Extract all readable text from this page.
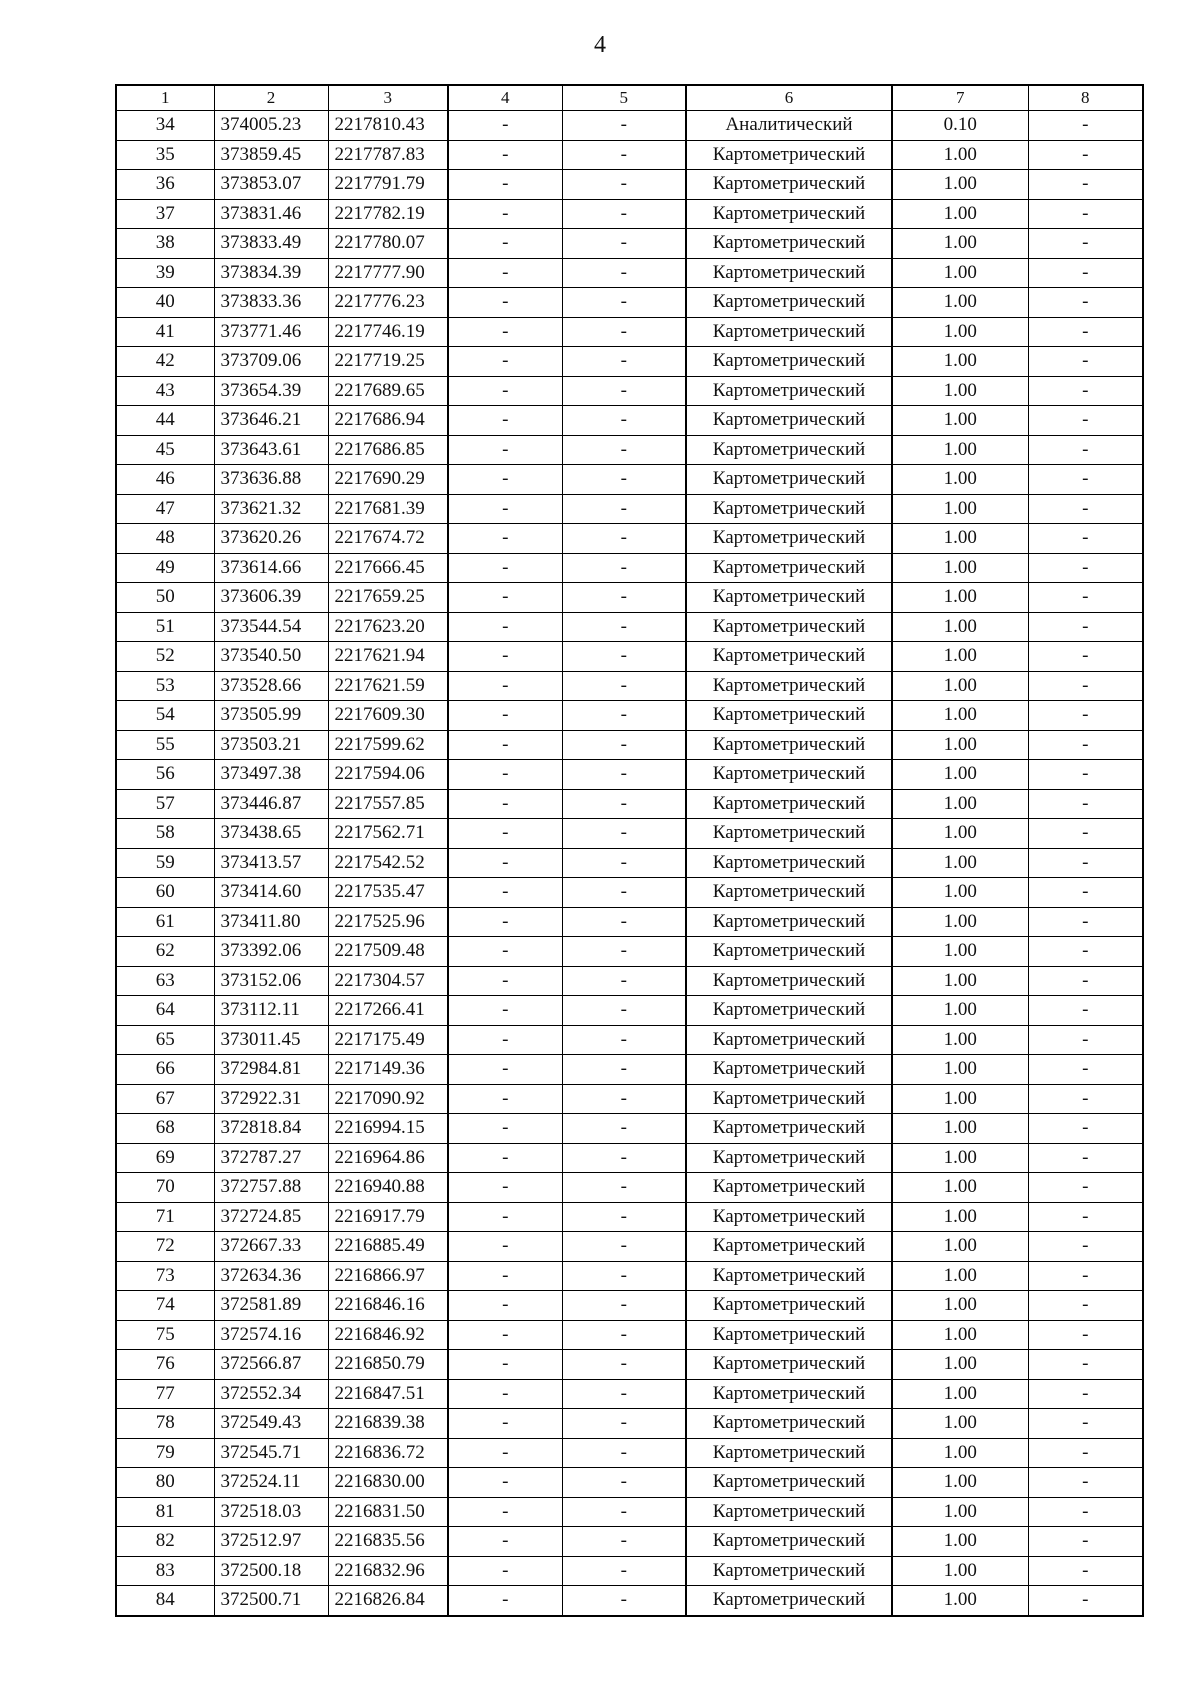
4
1	2	3	4	5	6	7	8
34	374005.23	2217810.43	-	-	Аналитический	0.10	-
35	373859.45	2217787.83	-	-	Картометрический	1.00	-
36	373853.07	2217791.79	-	-	Картометрический	1.00	-
37	373831.46	2217782.19	-	-	Картометрический	1.00	-
38	373833.49	2217780.07	-	-	Картометрический	1.00	-
39	373834.39	2217777.90	-	-	Картометрический	1.00	-
40	373833.36	2217776.23	-	-	Картометрический	1.00	-
41	373771.46	2217746.19	-	-	Картометрический	1.00	-
42	373709.06	2217719.25	-	-	Картометрический	1.00	-
43	373654.39	2217689.65	-	-	Картометрический	1.00	-
44	373646.21	2217686.94	-	-	Картометрический	1.00	-
45	373643.61	2217686.85	-	-	Картометрический	1.00	-
46	373636.88	2217690.29	-	-	Картометрический	1.00	-
47	373621.32	2217681.39	-	-	Картометрический	1.00	-
48	373620.26	2217674.72	-	-	Картометрический	1.00	-
49	373614.66	2217666.45	-	-	Картометрический	1.00	-
50	373606.39	2217659.25	-	-	Картометрический	1.00	-
51	373544.54	2217623.20	-	-	Картометрический	1.00	-
52	373540.50	2217621.94	-	-	Картометрический	1.00	-
53	373528.66	2217621.59	-	-	Картометрический	1.00	-
54	373505.99	2217609.30	-	-	Картометрический	1.00	-
55	373503.21	2217599.62	-	-	Картометрический	1.00	-
56	373497.38	2217594.06	-	-	Картометрический	1.00	-
57	373446.87	2217557.85	-	-	Картометрический	1.00	-
58	373438.65	2217562.71	-	-	Картометрический	1.00	-
59	373413.57	2217542.52	-	-	Картометрический	1.00	-
60	373414.60	2217535.47	-	-	Картометрический	1.00	-
61	373411.80	2217525.96	-	-	Картометрический	1.00	-
62	373392.06	2217509.48	-	-	Картометрический	1.00	-
63	373152.06	2217304.57	-	-	Картометрический	1.00	-
64	373112.11	2217266.41	-	-	Картометрический	1.00	-
65	373011.45	2217175.49	-	-	Картометрический	1.00	-
66	372984.81	2217149.36	-	-	Картометрический	1.00	-
67	372922.31	2217090.92	-	-	Картометрический	1.00	-
68	372818.84	2216994.15	-	-	Картометрический	1.00	-
69	372787.27	2216964.86	-	-	Картометрический	1.00	-
70	372757.88	2216940.88	-	-	Картометрический	1.00	-
71	372724.85	2216917.79	-	-	Картометрический	1.00	-
72	372667.33	2216885.49	-	-	Картометрический	1.00	-
73	372634.36	2216866.97	-	-	Картометрический	1.00	-
74	372581.89	2216846.16	-	-	Картометрический	1.00	-
75	372574.16	2216846.92	-	-	Картометрический	1.00	-
76	372566.87	2216850.79	-	-	Картометрический	1.00	-
77	372552.34	2216847.51	-	-	Картометрический	1.00	-
78	372549.43	2216839.38	-	-	Картометрический	1.00	-
79	372545.71	2216836.72	-	-	Картометрический	1.00	-
80	372524.11	2216830.00	-	-	Картометрический	1.00	-
81	372518.03	2216831.50	-	-	Картометрический	1.00	-
82	372512.97	2216835.56	-	-	Картометрический	1.00	-
83	372500.18	2216832.96	-	-	Картометрический	1.00	-
84	372500.71	2216826.84	-	-	Картометрический	1.00	-
